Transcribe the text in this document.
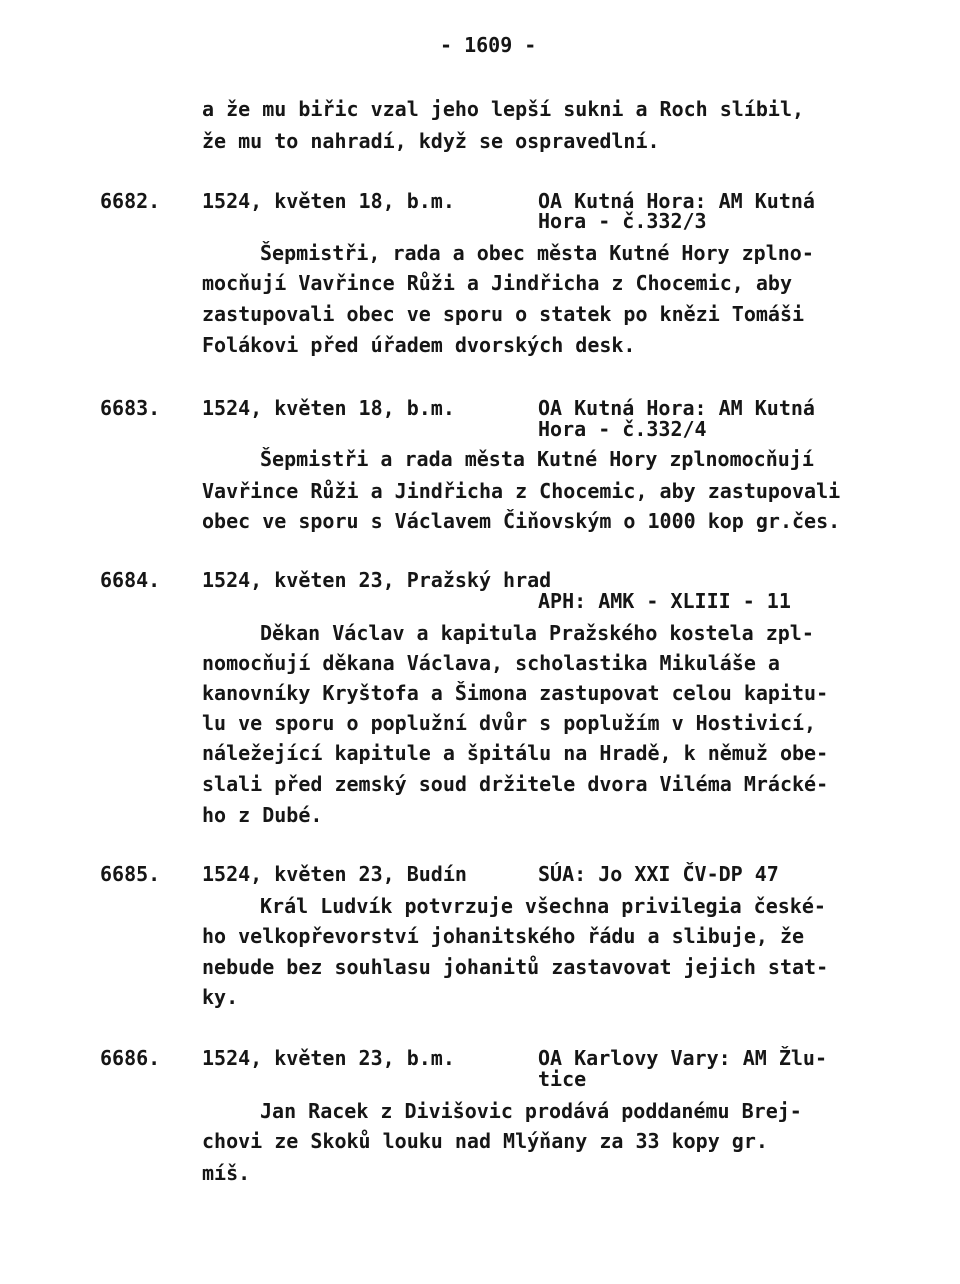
- 1609 -
a že mu biřic vzal jeho lepší sukni a Roch slíbil,
že mu to nahradí, když se ospravedlní.
6682. 1524, květen 18, b.m.	OA Kutná Hora: AM Kutná
Hora - č.332/3
Šepmistři, rada a obec města Kutné Hory zplno-
mocňují Vavřince Růži a Jindřicha z Chocemic, aby
zastupovali obec ve sporu o statek po knězi Tomáši
Folákovi před úřadem dvorských desk.
6683. 1524, květen 18, b.m.	OA Kutná Hora: AM Kutná
Hora - č.332/4
Šepmistři a rada města Kutné Hory zplnomocňují
Vavřince Růži a Jindřicha z Chocemic, aby zastupovali
obec ve sporu s Václavem Čiňovským o 1000 kop gr.čes.
6684. 1524, květen 23, Pražský hrad
APH: AMK - XLIII - 11
Děkan Václav a kapitula Pražského kostela zpl-
nomocňují děkana Václava, scholastika Mikuláše a
kanovníky Kryštofa a Šimona zastupovat celou kapitu-
lu ve sporu o poplužní dvůr s poplužím v Hostivicí,
náležející kapitule a špitálu na Hradě, k němuž obe-
slali před zemský soud držitele dvora Viléma Mrácké-
ho z Dubé.
6685. 1524, květen 23, Budín	SÚA: Jo XXI ČV-DP 47
Král Ludvík potvrzuje všechna privilegia české-
ho velkopřevorství johanitského řádu a slibuje, že
nebude bez souhlasu johanitů zastavovat jejich stat-
ky.
6686. 1524, květen 23, b.m.	OA Karlovy Vary: AM Žlu-
tice
Jan Racek z Divišovic prodává poddanému Brej-
chovi ze Skoků louku nad Mlýňany za 33 kopy gr.
míš.
